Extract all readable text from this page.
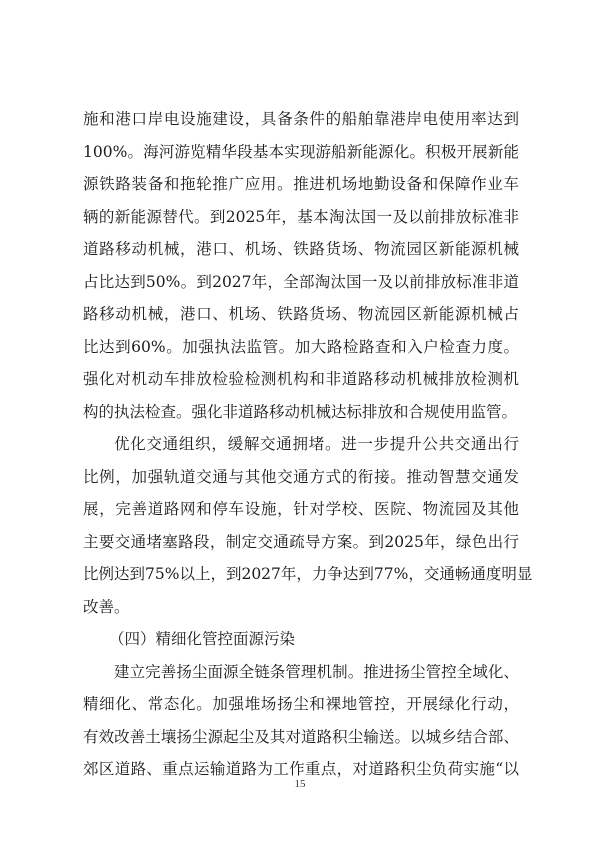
施和港口岸电设施建设，具备条件的船舶靠港岸电使用率达到
100%。海河游览精华段基本实现游船新能源化。积极开展新能
源铁路装备和拖轮推广应用。推进机场地勤设备和保障作业车
辆的新能源替代。到2025年，基本淘汰国一及以前排放标准非
道路移动机械，港口、机场、铁路货场、物流园区新能源机械
占比达到50%。到2027年，全部淘汰国一及以前排放标准非道
路移动机械，港口、机场、铁路货场、物流园区新能源机械占
比达到60%。加强执法监管。加大路检路查和入户检查力度。
强化对机动车排放检验检测机构和非道路移动机械排放检测机
构的执法检查。强化非道路移动机械达标排放和合规使用监管。
优化交通组织，缓解交通拥堵。进一步提升公共交通出行
比例，加强轨道交通与其他交通方式的衔接。推动智慧交通发
展，完善道路网和停车设施，针对学校、医院、物流园及其他
主要交通堵塞路段，制定交通疏导方案。到2025年，绿色出行
比例达到75%以上，到2027年，力争达到77%，交通畅通度明显
改善。
（四）精细化管控面源污染
建立完善扬尘面源全链条管理机制。推进扬尘管控全域化、
精细化、常态化。加强堆场扬尘和裸地管控，开展绿化行动，
有效改善土壤扬尘源起尘及其对道路积尘输送。以城乡结合部、
郊区道路、重点运输道路为工作重点，对道路积尘负荷实施“以
15
